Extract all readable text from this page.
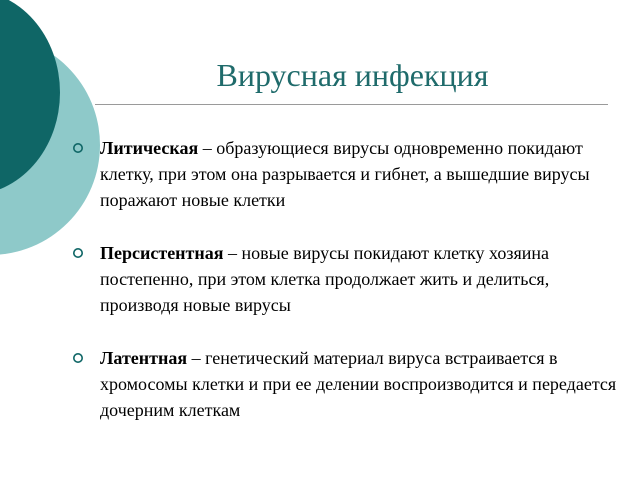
Вирусная инфекция
Литическая – образующиеся вирусы одновременно покидают клетку, при этом она разрывается и гибнет, а вышедшие вирусы поражают новые клетки
Персистентная – новые вирусы покидают клетку хозяина постепенно, при этом клетка продолжает жить и делиться, производя новые вирусы
Латентная – генетический материал вируса встраивается в хромосомы клетки и при ее делении воспроизводится и передается дочерним клеткам
